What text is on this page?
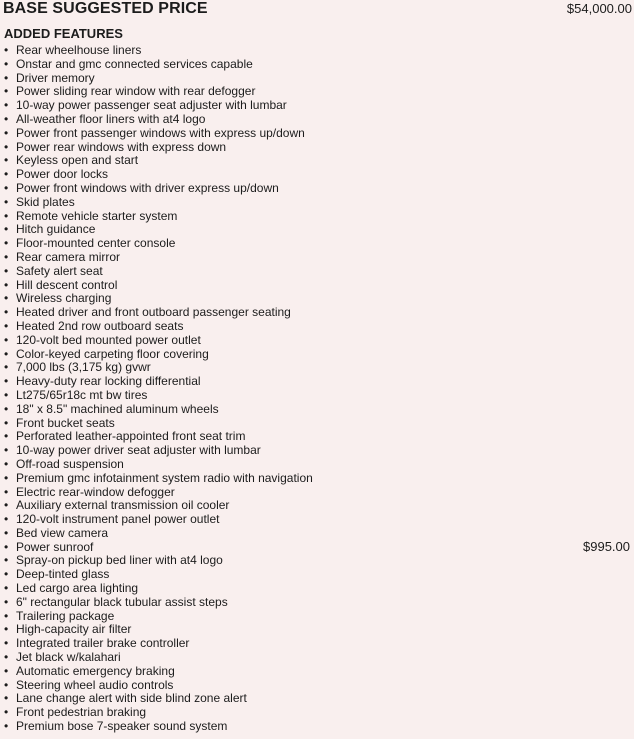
BASE SUGGESTED PRICE	$54,000.00
ADDED FEATURES
• Rear wheelhouse liners
• Onstar and gmc connected services capable
• Driver memory
• Power sliding rear window with rear defogger
• 10-way power passenger seat adjuster with lumbar
• All-weather floor liners with at4 logo
• Power front passenger windows with express up/down
• Power rear windows with express down
• Keyless open and start
• Power door locks
• Power front windows with driver express up/down
• Skid plates
• Remote vehicle starter system
• Hitch guidance
• Floor-mounted center console
• Rear camera mirror
• Safety alert seat
• Hill descent control
• Wireless charging
• Heated driver and front outboard passenger seating
• Heated 2nd row outboard seats
• 120-volt bed mounted power outlet
• Color-keyed carpeting floor covering
• 7,000 lbs (3,175 kg) gvwr
• Heavy-duty rear locking differential
• Lt275/65r18c mt bw tires
• 18" x 8.5" machined aluminum wheels
• Front bucket seats
• Perforated leather-appointed front seat trim
• 10-way power driver seat adjuster with lumbar
• Off-road suspension
• Premium gmc infotainment system radio with navigation
• Electric rear-window defogger
• Auxiliary external transmission oil cooler
• 120-volt instrument panel power outlet
• Bed view camera
• Power sunroof	$995.00
• Spray-on pickup bed liner with at4 logo
• Deep-tinted glass
• Led cargo area lighting
• 6" rectangular black tubular assist steps
• Trailering package
• High-capacity air filter
• Integrated trailer brake controller
• Jet black w/kalahari
• Automatic emergency braking
• Steering wheel audio controls
• Lane change alert with side blind zone alert
• Front pedestrian braking
• Premium bose 7-speaker sound system
